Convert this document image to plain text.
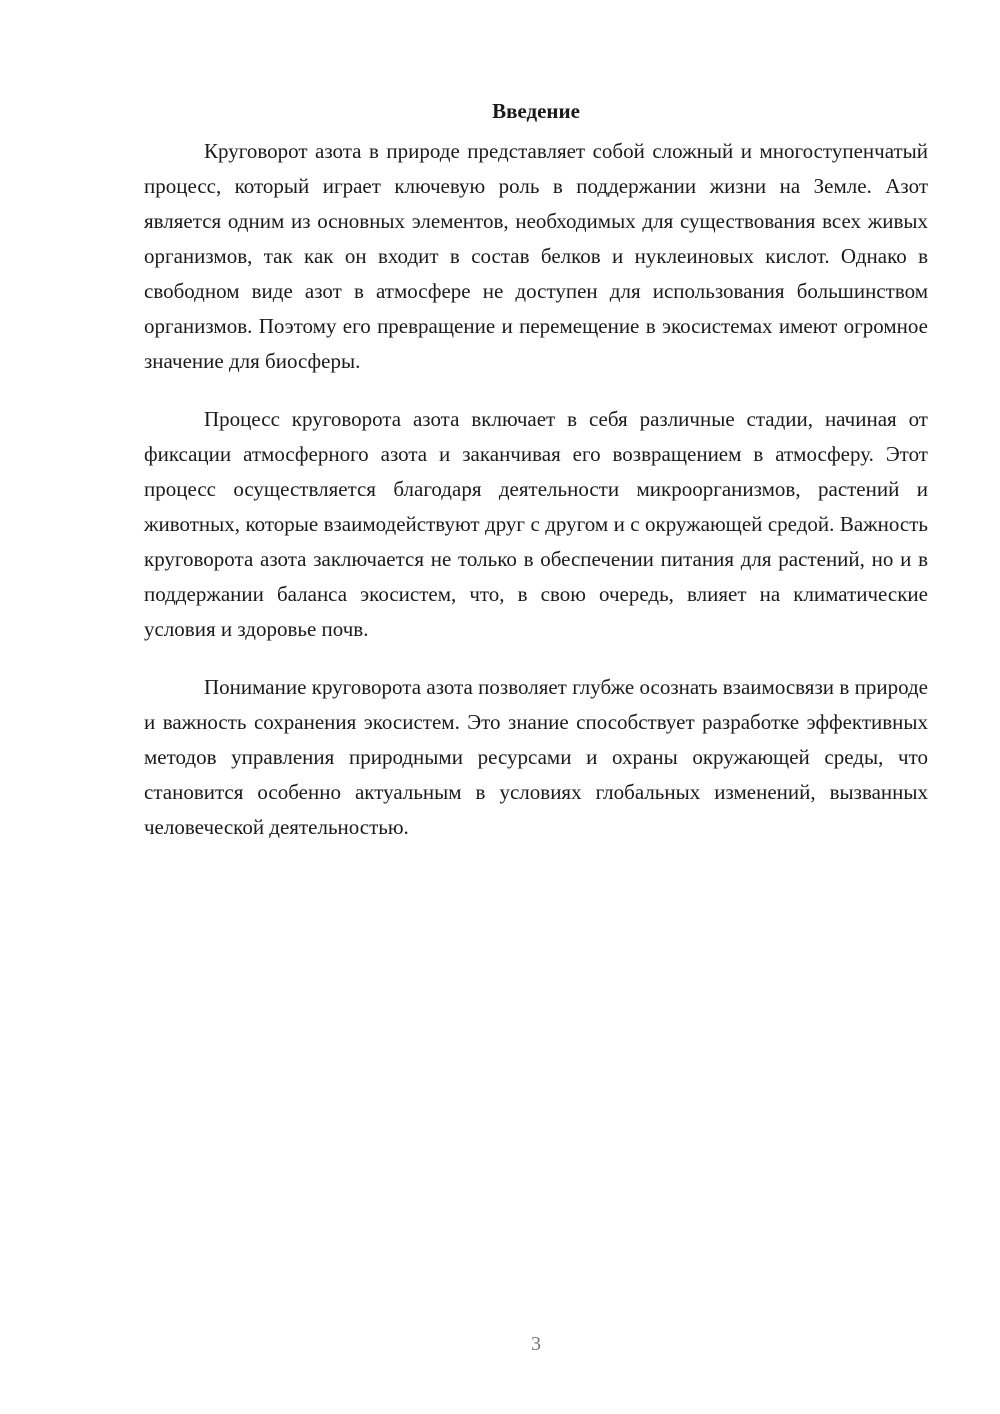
Введение

Круговорот азота в природе представляет собой сложный и многоступенчатый процесс, который играет ключевую роль в поддержании жизни на Земле. Азот является одним из основных элементов, необходимых для существования всех живых организмов, так как он входит в состав белков и нуклеиновых кислот. Однако в свободном виде азот в атмосфере не доступен для использования большинством организмов. Поэтому его превращение и перемещение в экосистемах имеют огромное значение для биосферы.

Процесс круговорота азота включает в себя различные стадии, начиная от фиксации атмосферного азота и заканчивая его возвращением в атмосферу. Этот процесс осуществляется благодаря деятельности микроорганизмов, растений и животных, которые взаимодействуют друг с другом и с окружающей средой. Важность круговорота азота заключается не только в обеспечении питания для растений, но и в поддержании баланса экосистем, что, в свою очередь, влияет на климатические условия и здоровье почв.

Понимание круговорота азота позволяет глубже осознать взаимосвязи в природе и важность сохранения экосистем. Это знание способствует разработке эффективных методов управления природными ресурсами и охраны окружающей среды, что становится особенно актуальным в условиях глобальных изменений, вызванных человеческой деятельностью.

3
